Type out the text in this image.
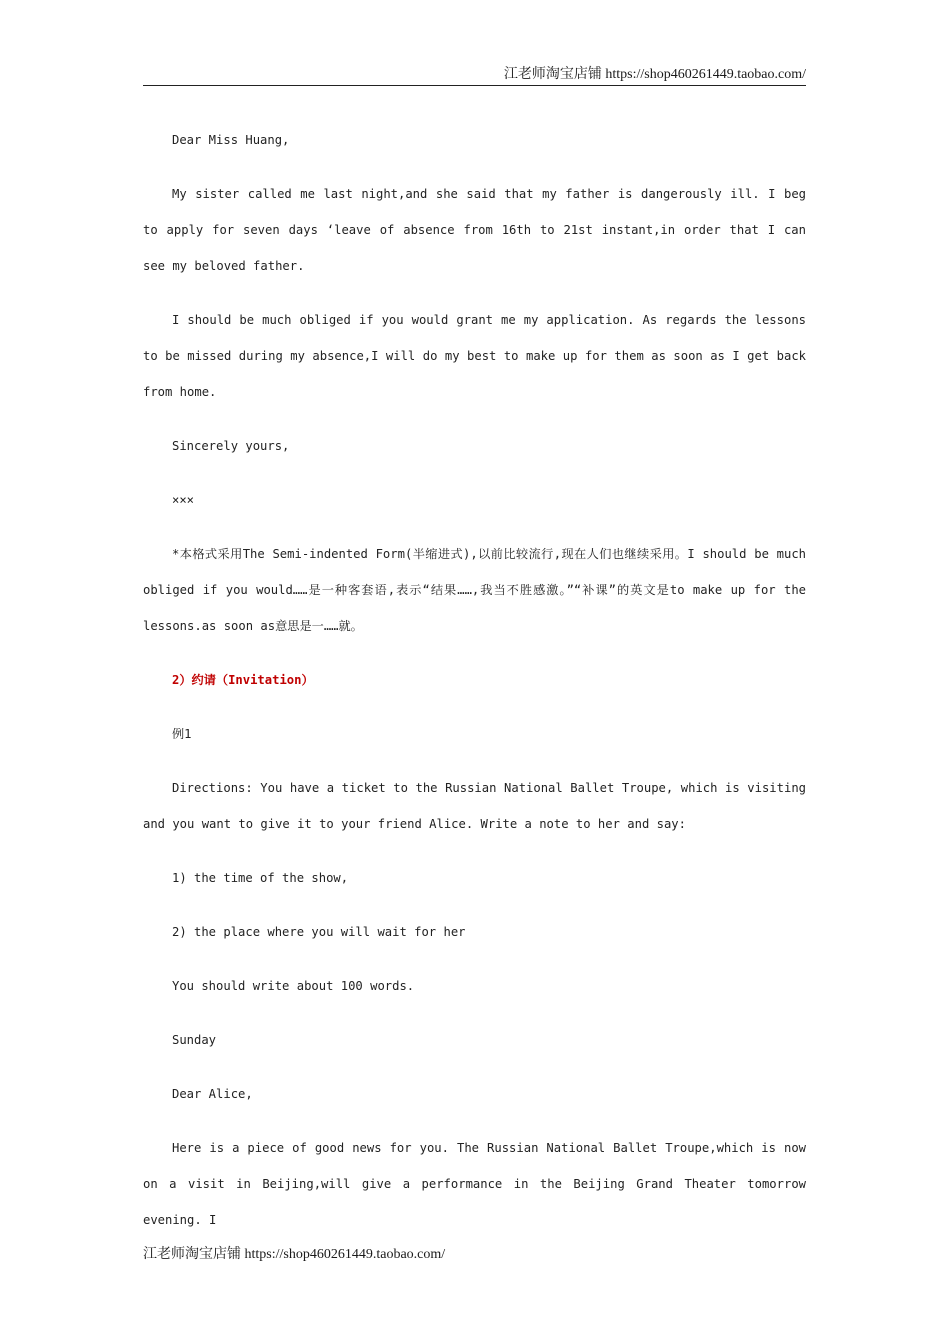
江老师淘宝店铺 https://shop460261449.taobao.com/

Dear Miss Huang,

My sister called me last night,and she said that my father is dangerously ill. I beg to apply for seven days ‘leave of absence from 16th to 21st instant,in order that I can see my beloved father.

I should be much obliged if you would grant me my application. As regards the lessons to be missed during my absence,I will do my best to make up for them as soon as I get back from home.

Sincerely yours,

×××

*本格式采用The Semi-indented Form(半缩进式),以前比较流行,现在人们也继续采用。I should be much obliged if you would……是一种客套语,表示“结果……,我当不胜感激。”“补课”的英文是to make up for the lessons.as soon as意思是一……就。

2）约请（Invitation）

例1

Directions: You have a ticket to the Russian National Ballet Troupe, which is visiting and you want to give it to your friend Alice. Write a note to her and say:

1) the time of the show,

2) the place where you will wait for her

You should write about 100 words.

Sunday

Dear Alice,

Here is a piece of good news for you. The Russian National Ballet Troupe,which is now on a visit in Beijing,will give a performance in the Beijing Grand Theater tomorrow evening. I

江老师淘宝店铺 https://shop460261449.taobao.com/
